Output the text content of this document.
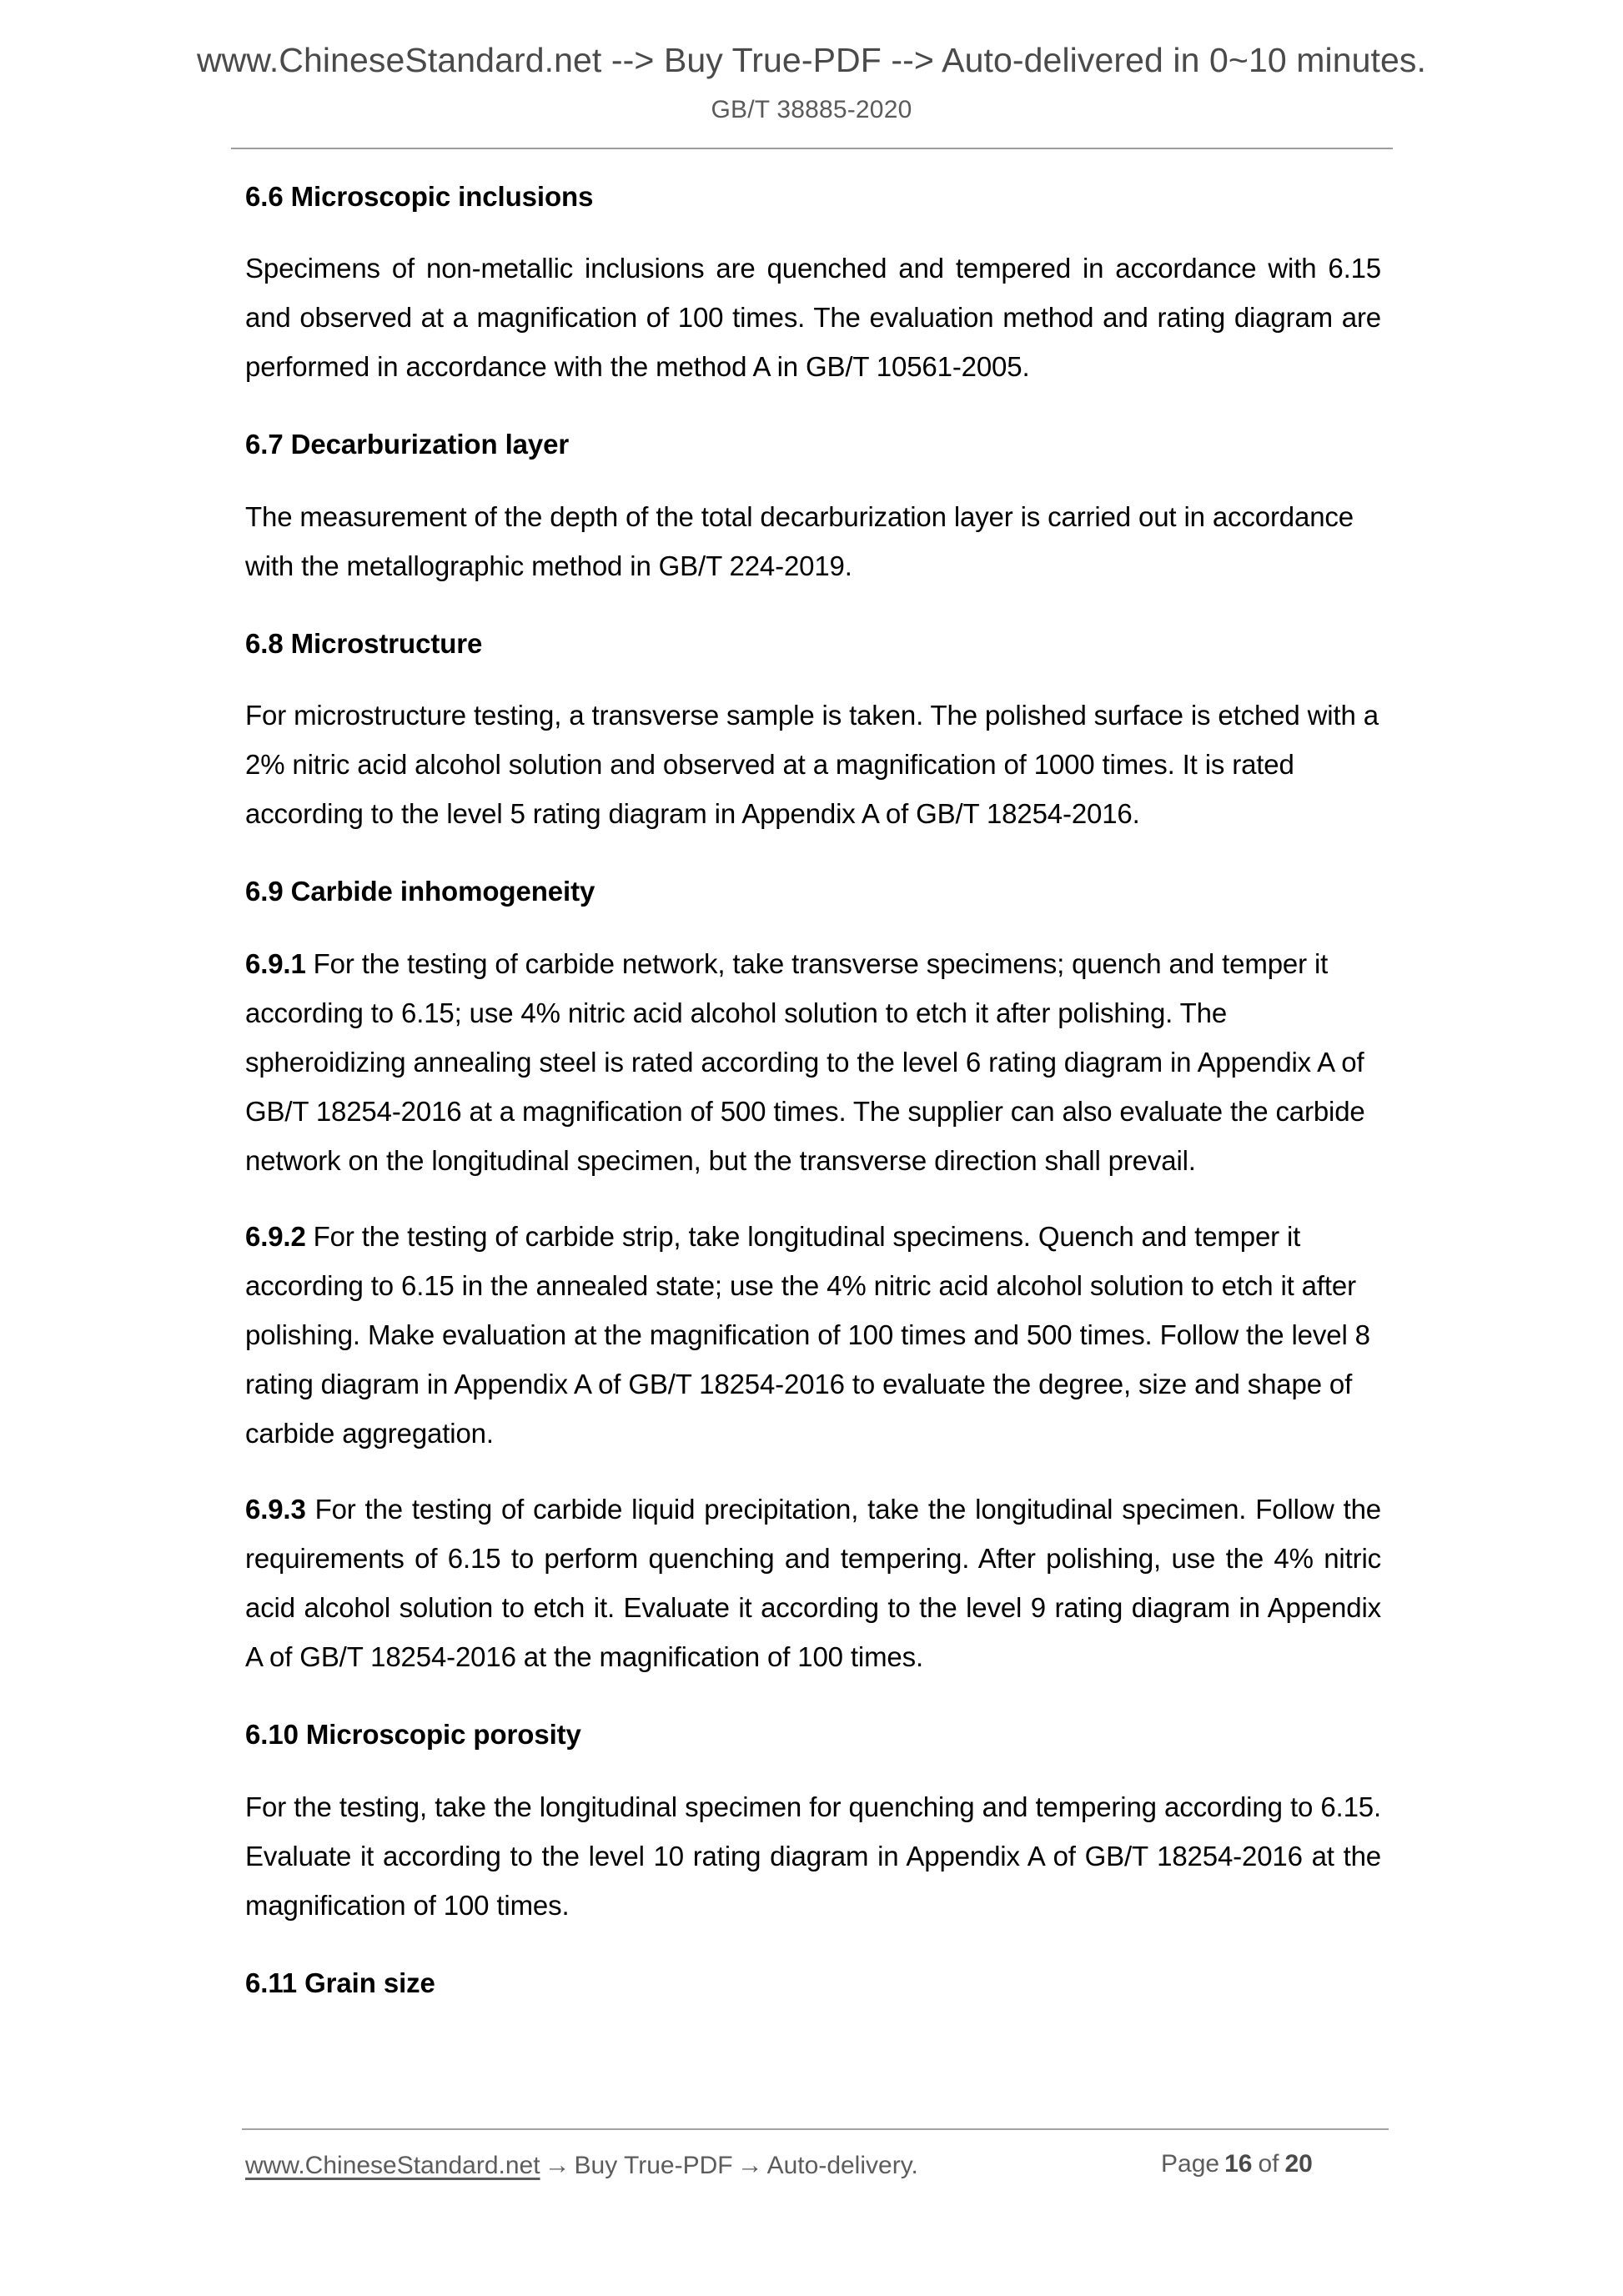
www.ChineseStandard.net --> Buy True-PDF --> Auto-delivered in 0~10 minutes.
GB/T 38885-2020
6.6 Microscopic inclusions

Specimens of non-metallic inclusions are quenched and tempered in accordance with 6.15 and observed at a magnification of 100 times. The evaluation method and rating diagram are performed in accordance with the method A in GB/T 10561-2005.

6.7 Decarburization layer

The measurement of the depth of the total decarburization layer is carried out in accordance with the metallographic method in GB/T 224-2019.

6.8 Microstructure

For microstructure testing, a transverse sample is taken. The polished surface is etched with a 2% nitric acid alcohol solution and observed at a magnification of 1000 times. It is rated according to the level 5 rating diagram in Appendix A of GB/T 18254-2016.

6.9 Carbide inhomogeneity

6.9.1 For the testing of carbide network, take transverse specimens; quench and temper it according to 6.15; use 4% nitric acid alcohol solution to etch it after polishing. The spheroidizing annealing steel is rated according to the level 6 rating diagram in Appendix A of GB/T 18254-2016 at a magnification of 500 times. The supplier can also evaluate the carbide network on the longitudinal specimen, but the transverse direction shall prevail.

6.9.2 For the testing of carbide strip, take longitudinal specimens. Quench and temper it according to 6.15 in the annealed state; use the 4% nitric acid alcohol solution to etch it after polishing. Make evaluation at the magnification of 100 times and 500 times. Follow the level 8 rating diagram in Appendix A of GB/T 18254-2016 to evaluate the degree, size and shape of carbide aggregation.

6.9.3 For the testing of carbide liquid precipitation, take the longitudinal specimen. Follow the requirements of 6.15 to perform quenching and tempering. After polishing, use the 4% nitric acid alcohol solution to etch it. Evaluate it according to the level 9 rating diagram in Appendix A of GB/T 18254-2016 at the magnification of 100 times.

6.10 Microscopic porosity

For the testing, take the longitudinal specimen for quenching and tempering according to 6.15. Evaluate it according to the level 10 rating diagram in Appendix A of GB/T 18254-2016 at the magnification of 100 times.

6.11 Grain size
www.ChineseStandard.net → Buy True-PDF → Auto-delivery.	Page 16 of 20
